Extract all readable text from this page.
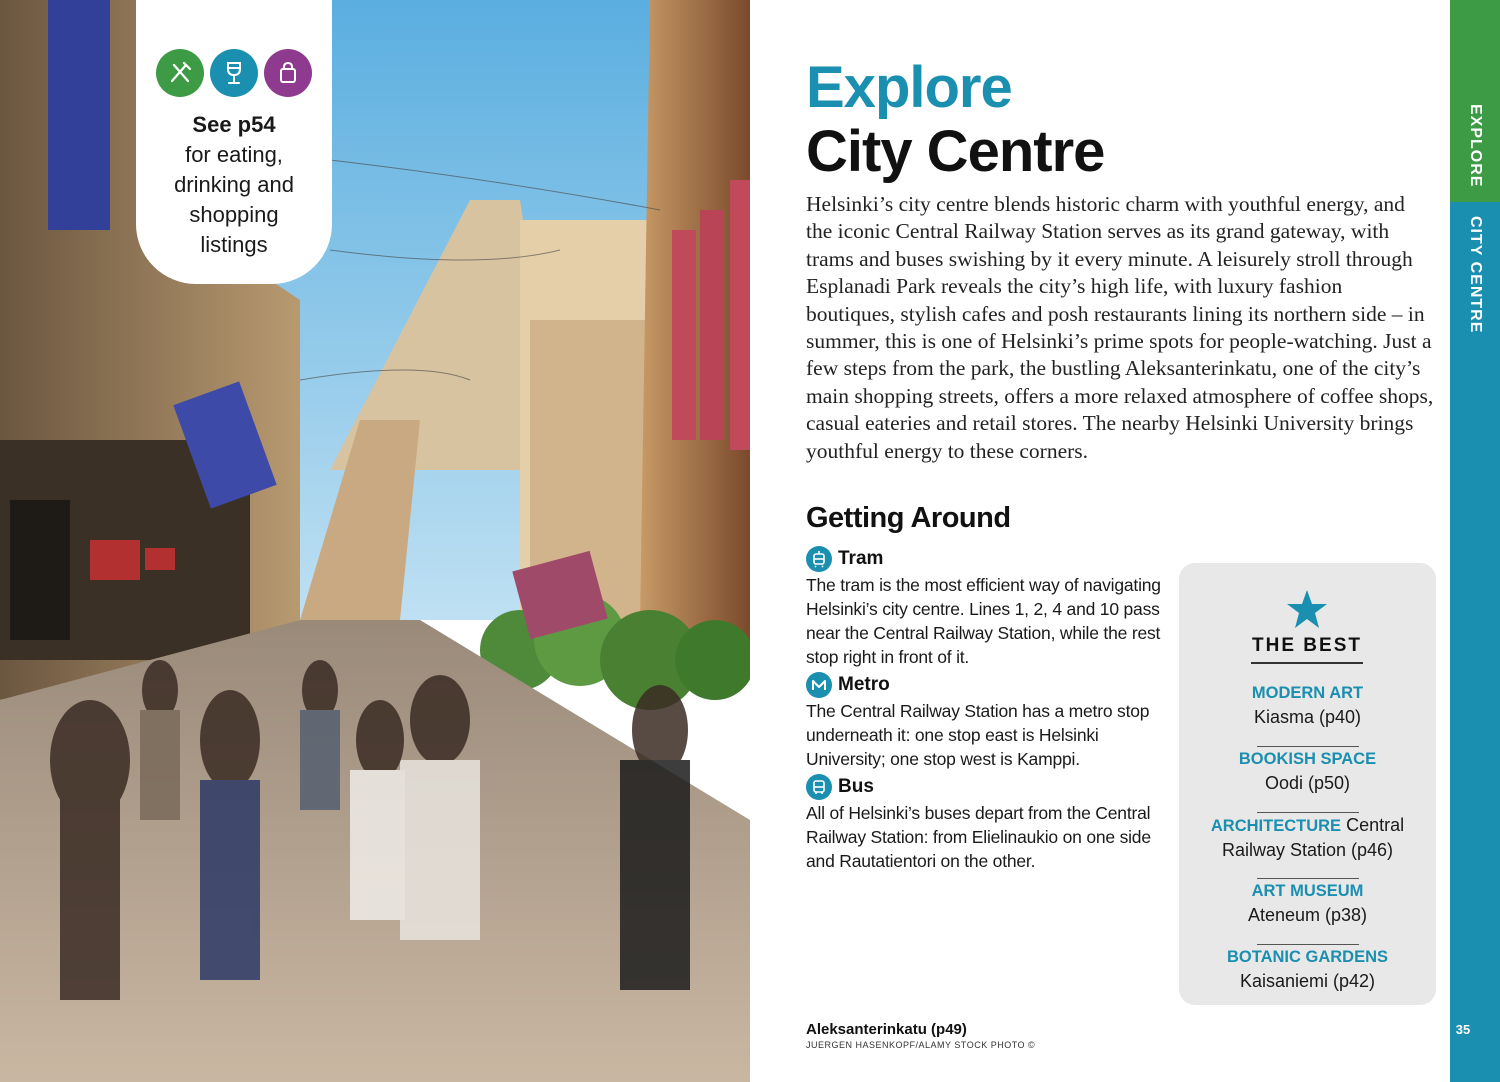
See p54
for eating,
drinking and
shopping
listings
Explore
City Centre

Helsinki’s city centre blends historic charm with youthful energy, and the iconic Central Railway Station serves as its grand gateway, with trams and buses swishing by it every minute. A leisurely stroll through Esplanadi Park reveals the city’s high life, with luxury fashion boutiques, stylish cafes and posh restaurants lining its northern side – in summer, this is one of Helsinki’s prime spots for people-watching. Just a few steps from the park, the bustling Aleksanterinkatu, one of the city’s main shopping streets, offers a more relaxed atmosphere of coffee shops, casual eateries and retail stores. The nearby Helsinki University brings youthful energy to these corners.

Getting Around
Tram
The tram is the most efficient way of navigating Helsinki’s city centre. Lines 1, 2, 4 and 10 pass near the Central Railway Station, while the rest stop right in front of it.
Metro
The Central Railway Station has a metro stop underneath it: one stop east is Helsinki University; one stop west is Kamppi.
Bus
All of Helsinki’s buses depart from the Central Railway Station: from Elielinaukio on one side and Rautatientori on the other.
THE BEST
MODERN ART
Kiasma (p40)
BOOKISH SPACE
Oodi (p50)
ARCHITECTURE Central
Railway Station (p46)
ART MUSEUM
Ateneum (p38)
BOTANIC GARDENS
Kaisaniemi (p42)
Aleksanterinkatu (p49)
JUERGEN HASENKOPF/ALAMY STOCK PHOTO ©
EXPLORE
CITY CENTRE
35
